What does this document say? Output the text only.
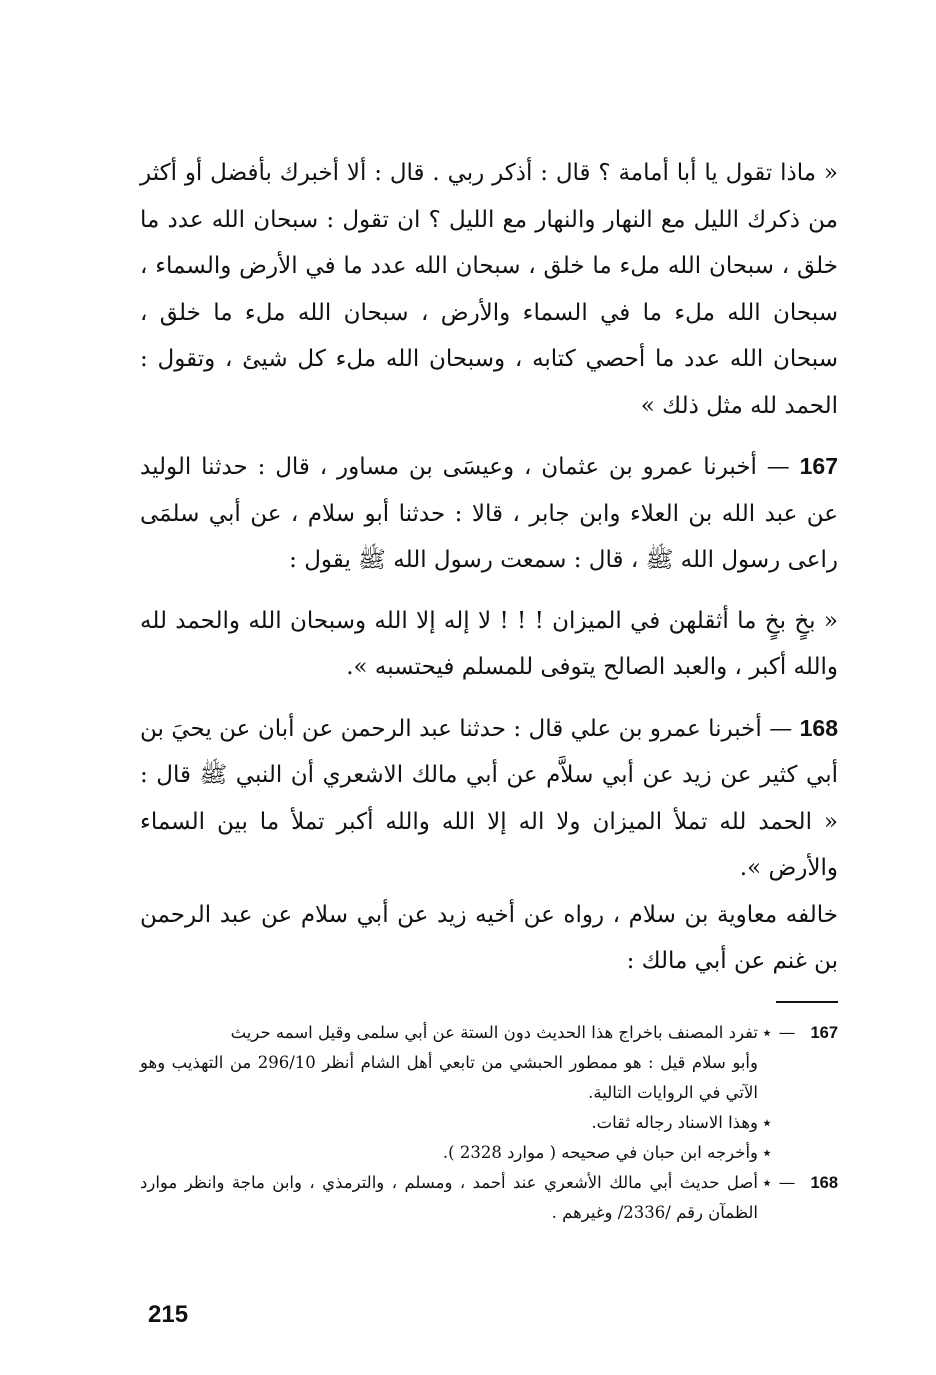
« ماذا تقول يا أبا أمامة ؟ قال : أذكر ربي . قال : ألا أخبرك بأفضل أو أكثر من ذكرك الليل مع النهار والنهار مع الليل ؟ ان تقول : سبحان الله عدد ما خلق ، سبحان الله ملء ما خلق ، سبحان الله عدد ما في الأرض والسماء ، سبحان الله ملء ما في السماء والأرض ، سبحان الله ملء ما خلق ، سبحان الله عدد ما أحصي كتابه ، وسبحان الله ملء كل شيئ ، وتقول : الحمد لله مثل ذلك »

167 — أخبرنا عمرو بن عثمان ، وعيسَى بن مساور ، قال : حدثنا الوليد عن عبد الله بن العلاء وابن جابر ، قالا : حدثنا أبو سلام ، عن أبي سلمَى راعى رسول الله ﷺ ، قال : سمعت رسول الله ﷺ يقول :

« بخٍ بخٍ ما أثقلهن في الميزان ! ! ! لا إله إلا الله وسبحان الله والحمد لله والله أكبر ، والعبد الصالح يتوفى للمسلم فيحتسبه ».

168 — أخبرنا عمرو بن علي قال : حدثنا عبد الرحمن عن أبان عن يحيَ بن أبي كثير عن زيد عن أبي سلاَّم عن أبي مالك الاشعري أن النبي ﷺ قال : « الحمد لله تملأ الميزان ولا اله إلا الله والله أكبر تملأ ما بين السماء والأرض ».

خالفه معاوية بن سلام ، رواه عن أخيه زيد عن أبي سلام عن عبد الرحمن بن غنم عن أبي مالك :

167
—
٭
تفرد المصنف باخراج هذا الحديث دون الستة عن أبي سلمى وقيل اسمه حريث
وأبو سلام قيل : هو ممطور الحبشي من تابعي أهل الشام أنظر 296/10 من التهذيب وهو الآتي في الروايات التالية.
٭
وهذا الاسناد رجاله ثقات.
٭
وأخرجه ابن حبان في صحيحه ( موارد 2328 ).
168
—
٭
أصل حديث أبي مالك الأشعري عند أحمد ، ومسلم ، والترمذي ، وابن ماجة وانظر موارد الظمآن رقم /2336/ وغيرهم .
215
